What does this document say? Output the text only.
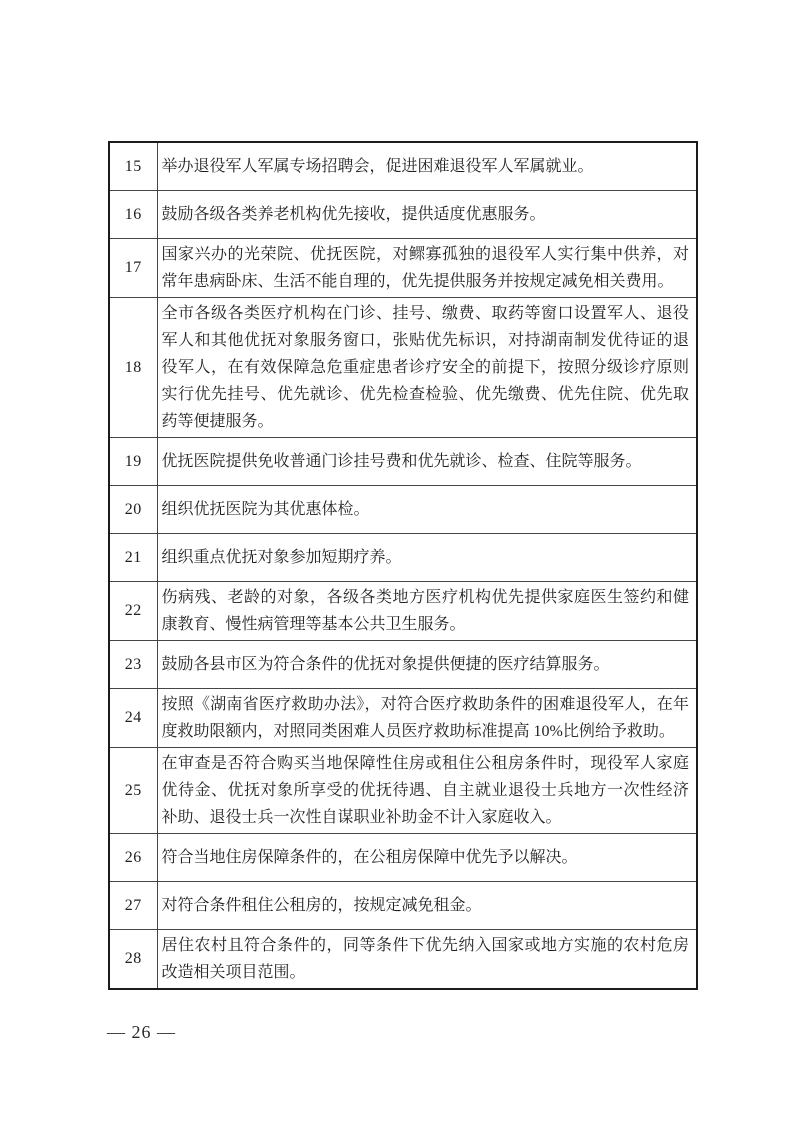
15	举办退役军人军属专场招聘会，促进困难退役军人军属就业。
16	鼓励各级各类养老机构优先接收，提供适度优惠服务。
17	国家兴办的光荣院、优抚医院，对鳏寡孤独的退役军人实行集中供养，对常年患病卧床、生活不能自理的，优先提供服务并按规定减免相关费用。
18	全市各级各类医疗机构在门诊、挂号、缴费、取药等窗口设置军人、退役军人和其他优抚对象服务窗口，张贴优先标识，对持湖南制发优待证的退役军人，在有效保障急危重症患者诊疗安全的前提下，按照分级诊疗原则实行优先挂号、优先就诊、优先检查检验、优先缴费、优先住院、优先取药等便捷服务。
19	优抚医院提供免收普通门诊挂号费和优先就诊、检查、住院等服务。
20	组织优抚医院为其优惠体检。
21	组织重点优抚对象参加短期疗养。
22	伤病残、老龄的对象，各级各类地方医疗机构优先提供家庭医生签约和健康教育、慢性病管理等基本公共卫生服务。
23	鼓励各县市区为符合条件的优抚对象提供便捷的医疗结算服务。
24	按照《湖南省医疗救助办法》，对符合医疗救助条件的困难退役军人，在年度救助限额内，对照同类困难人员医疗救助标准提高 10%比例给予救助。
25	在审查是否符合购买当地保障性住房或租住公租房条件时，现役军人家庭优待金、优抚对象所享受的优抚待遇、自主就业退役士兵地方一次性经济补助、退役士兵一次性自谋职业补助金不计入家庭收入。
26	符合当地住房保障条件的，在公租房保障中优先予以解决。
27	对符合条件租住公租房的，按规定减免租金。
28	居住农村且符合条件的，同等条件下优先纳入国家或地方实施的农村危房改造相关项目范围。
— 26 —
